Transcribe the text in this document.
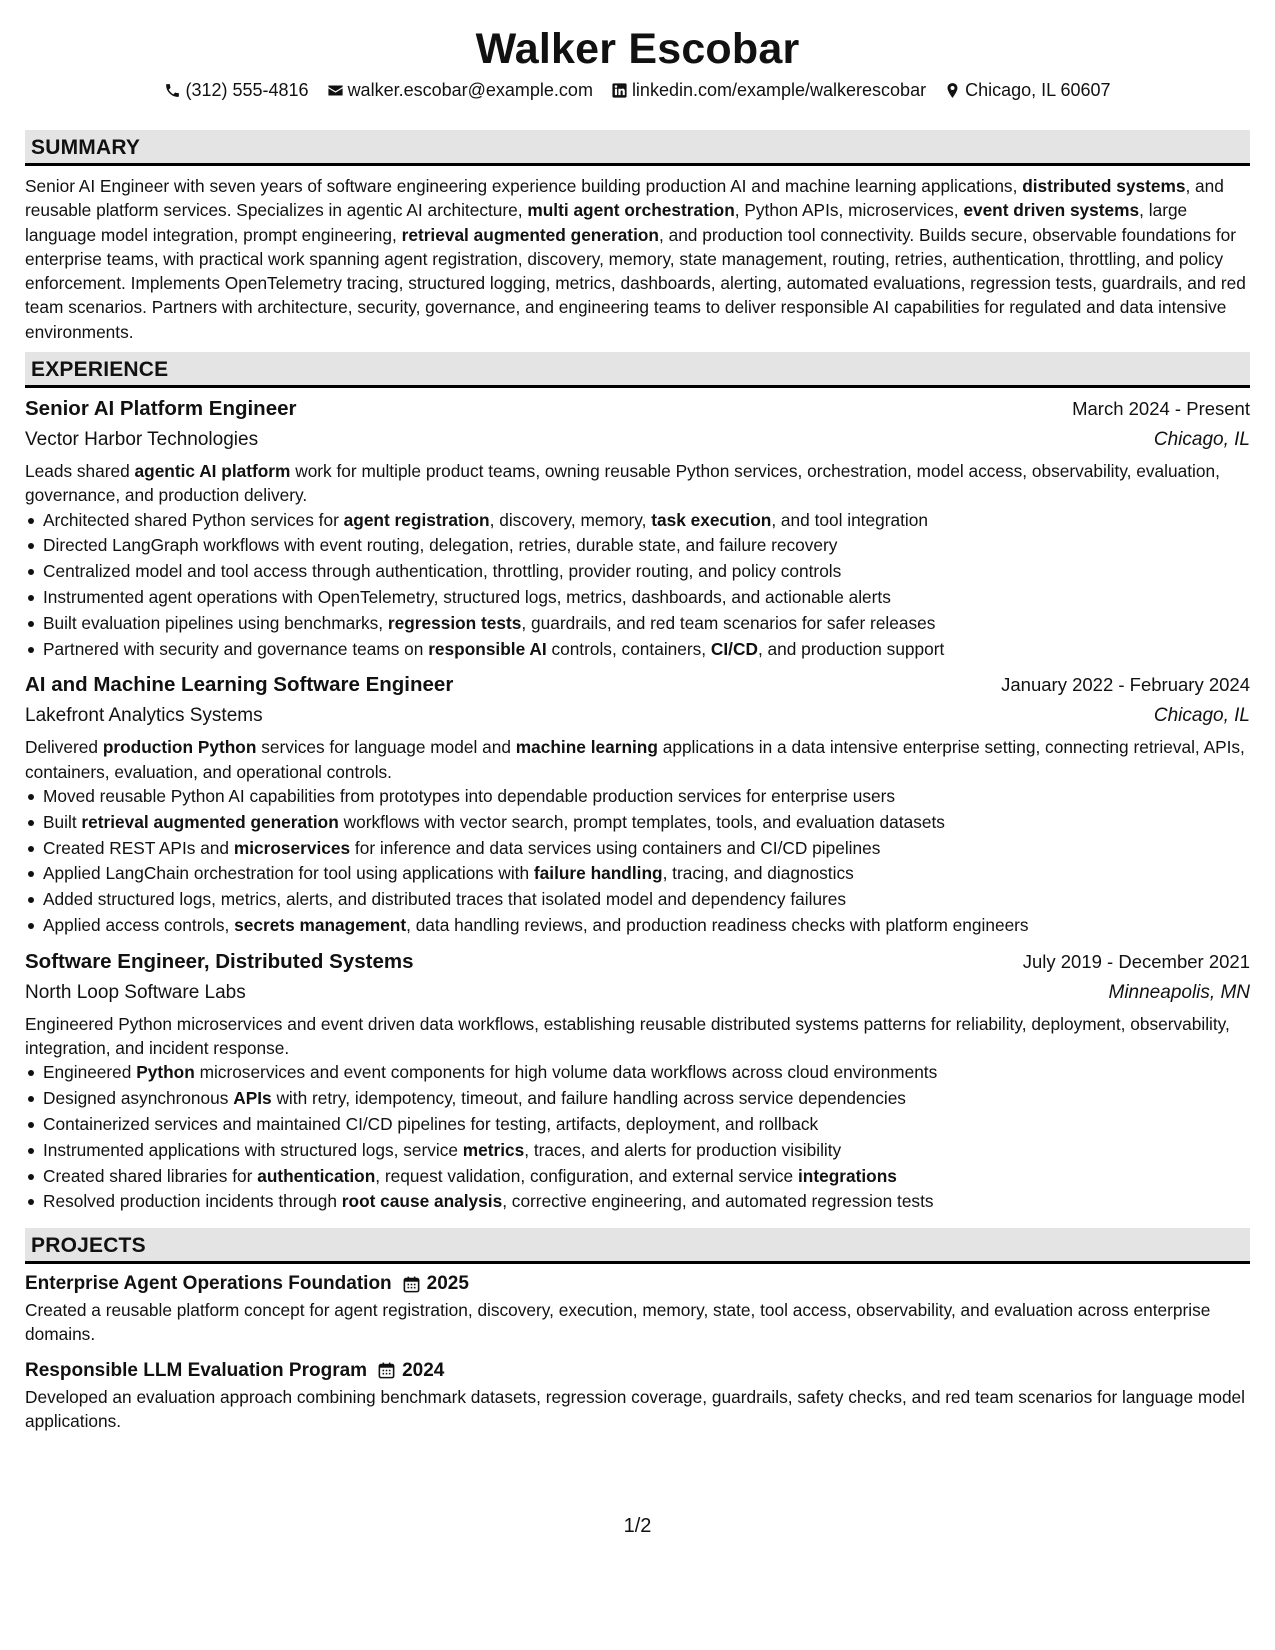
Walker Escobar
(312) 555-4816 walker.escobar@example.com linkedin.com/example/walkerescobar Chicago, IL 60607
SUMMARY

Senior AI Engineer with seven years of software engineering experience building production AI and machine learning applications, distributed systems, and reusable platform services. Specializes in agentic AI architecture, multi agent orchestration, Python APIs, microservices, event driven systems, large language model integration, prompt engineering, retrieval augmented generation, and production tool connectivity. Builds secure, observable foundations for enterprise teams, with practical work spanning agent registration, discovery, memory, state management, routing, retries, authentication, throttling, and policy enforcement. Implements OpenTelemetry tracing, structured logging, metrics, dashboards, alerting, automated evaluations, regression tests, guardrails, and red team scenarios. Partners with architecture, security, governance, and engineering teams to deliver responsible AI capabilities for regulated and data intensive environments.

EXPERIENCE
Senior AI Platform Engineer	March 2024 - Present
Vector Harbor Technologies	Chicago, IL

Leads shared agentic AI platform work for multiple product teams, owning reusable Python services, orchestration, model access, observability, evaluation, governance, and production delivery.

Architected shared Python services for agent registration, discovery, memory, task execution, and tool integration
Directed LangGraph workflows with event routing, delegation, retries, durable state, and failure recovery
Centralized model and tool access through authentication, throttling, provider routing, and policy controls
Instrumented agent operations with OpenTelemetry, structured logs, metrics, dashboards, and actionable alerts
Built evaluation pipelines using benchmarks, regression tests, guardrails, and red team scenarios for safer releases
Partnered with security and governance teams on responsible AI controls, containers, CI/CD, and production support
AI and Machine Learning Software Engineer	January 2022 - February 2024
Lakefront Analytics Systems	Chicago, IL

Delivered production Python services for language model and machine learning applications in a data intensive enterprise setting, connecting retrieval, APIs, containers, evaluation, and operational controls.

Moved reusable Python AI capabilities from prototypes into dependable production services for enterprise users
Built retrieval augmented generation workflows with vector search, prompt templates, tools, and evaluation datasets
Created REST APIs and microservices for inference and data services using containers and CI/CD pipelines
Applied LangChain orchestration for tool using applications with failure handling, tracing, and diagnostics
Added structured logs, metrics, alerts, and distributed traces that isolated model and dependency failures
Applied access controls, secrets management, data handling reviews, and production readiness checks with platform engineers
Software Engineer, Distributed Systems	July 2019 - December 2021
North Loop Software Labs	Minneapolis, MN

Engineered Python microservices and event driven data workflows, establishing reusable distributed systems patterns for reliability, deployment, observability, integration, and incident response.

Engineered Python microservices and event components for high volume data workflows across cloud environments
Designed asynchronous APIs with retry, idempotency, timeout, and failure handling across service dependencies
Containerized services and maintained CI/CD pipelines for testing, artifacts, deployment, and rollback
Instrumented applications with structured logs, service metrics, traces, and alerts for production visibility
Created shared libraries for authentication, request validation, configuration, and external service integrations
Resolved production incidents through root cause analysis, corrective engineering, and automated regression tests
PROJECTS
Enterprise Agent Operations Foundation 2025

Created a reusable platform concept for agent registration, discovery, execution, memory, state, tool access, observability, and evaluation across enterprise domains.

Responsible LLM Evaluation Program 2024

Developed an evaluation approach combining benchmark datasets, regression coverage, guardrails, safety checks, and red team scenarios for language model applications.

1/2
